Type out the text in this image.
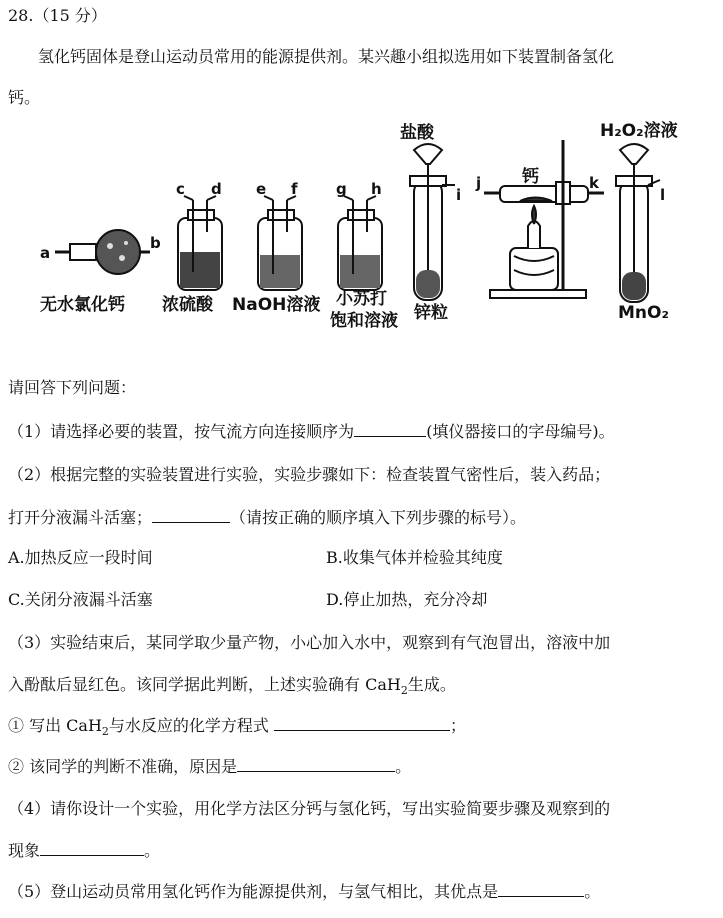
28.（15 分）
氢化钙固体是登山运动员常用的能源提供剂。某兴趣小组拟选用如下装置制备氢化
钙。
a
b
c d e f	g h	i
j	k
l
盐酸
钙
H₂O₂溶液
无水氯化钙 浓硫酸 NaOH溶液 小苏打
饱和溶液 锌粒	MnO₂
请回答下列问题：
（1）请选择必要的装置，按气流方向连接顺序为	(填仪器接口的字母编号)。
（2）根据完整的实验装置进行实验，实验步骤如下：检查装置气密性后，装入药品；
打开分液漏斗活塞；	（请按正确的顺序填入下列步骤的标号）。
A.加热反应一段时间	B.收集气体并检验其纯度
C.关闭分液漏斗活塞	D.停止加热，充分冷却
（3）实验结束后，某同学取少量产物，小心加入水中，观察到有气泡冒出，溶液中加
入酚酞后显红色。该同学据此判断，上述实验确有 CaH$_2$生成。
① 写出 CaH$_2$与水反应的化学方程式	；
② 该同学的判断不准确，原因是	。
（4）请你设计一个实验，用化学方法区分钙与氢化钙，写出实验简要步骤及观察到的
现象	。
（5）登山运动员常用氢化钙作为能源提供剂，与氢气相比，其优点是	。
